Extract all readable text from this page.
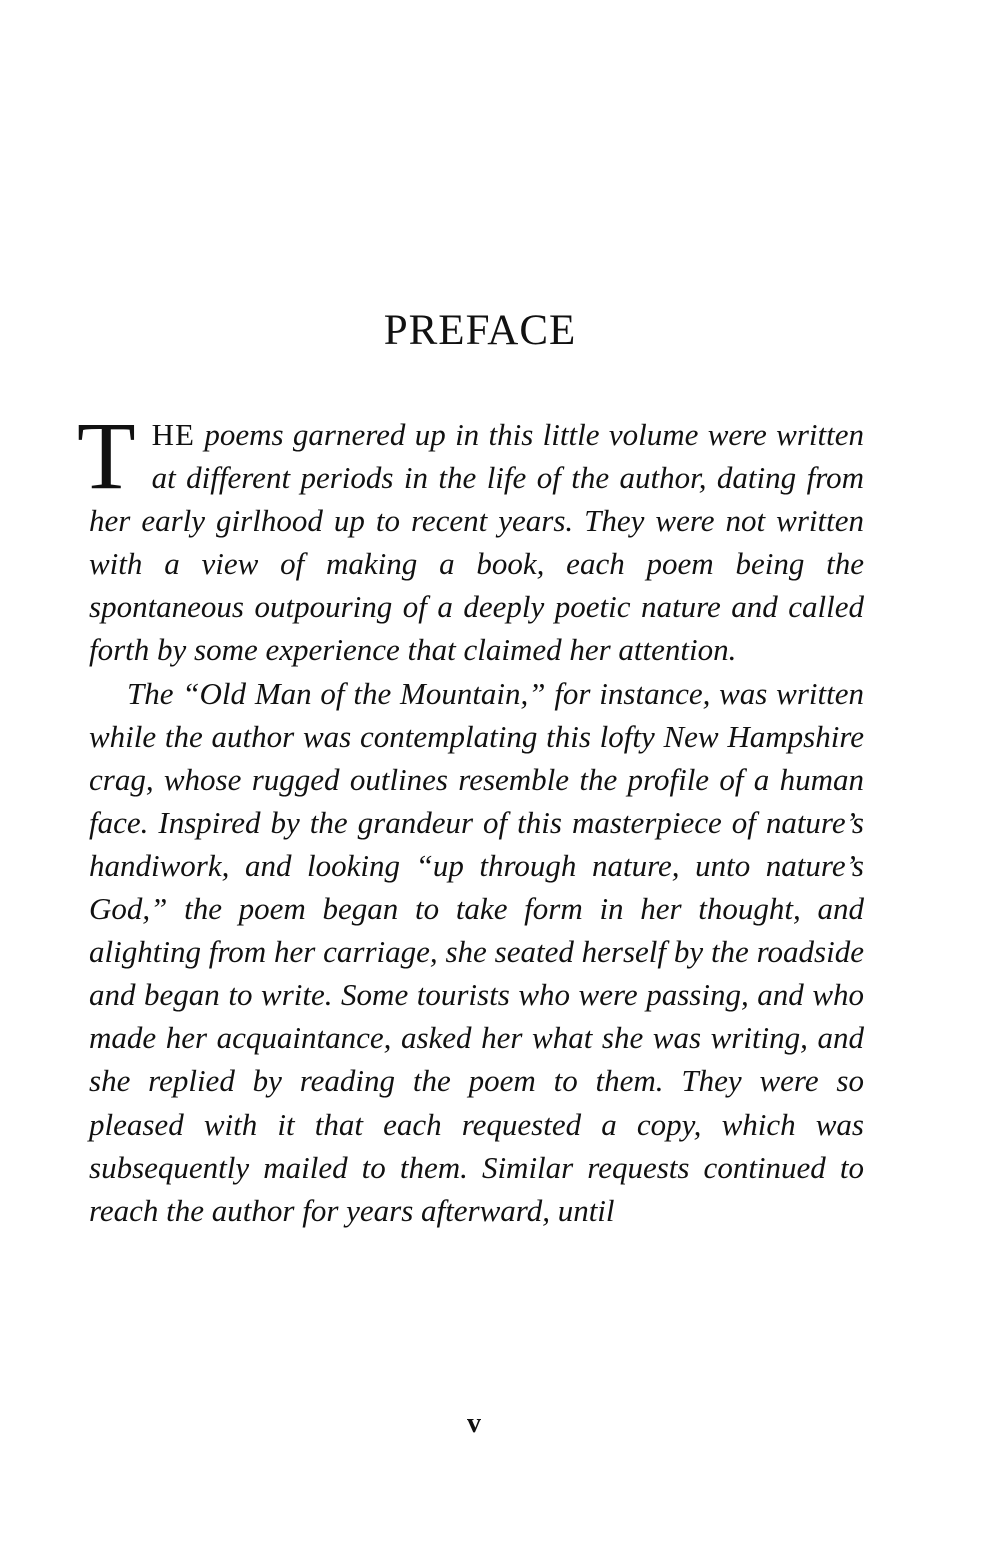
PREFACE

THE poems garnered up in this little volume were written at different periods in the life of the author, dating from her early girlhood up to recent years. They were not written with a view of making a book, each poem being the spontaneous outpouring of a deeply poetic nature and called forth by some experience that claimed her attention.

The “Old Man of the Mountain,” for instance, was written while the author was contemplating this lofty New Hampshire crag, whose rugged outlines resemble the profile of a human face. Inspired by the grandeur of this masterpiece of nature’s handiwork, and looking “up through nature, unto nature’s God,” the poem began to take form in her thought, and alighting from her carriage, she seated herself by the roadside and began to write. Some tourists who were passing, and who made her acquaintance, asked her what she was writing, and she replied by reading the poem to them. They were so pleased with it that each requested a copy, which was subsequently mailed to them. Similar requests continued to reach the author for years afterward, until

v
